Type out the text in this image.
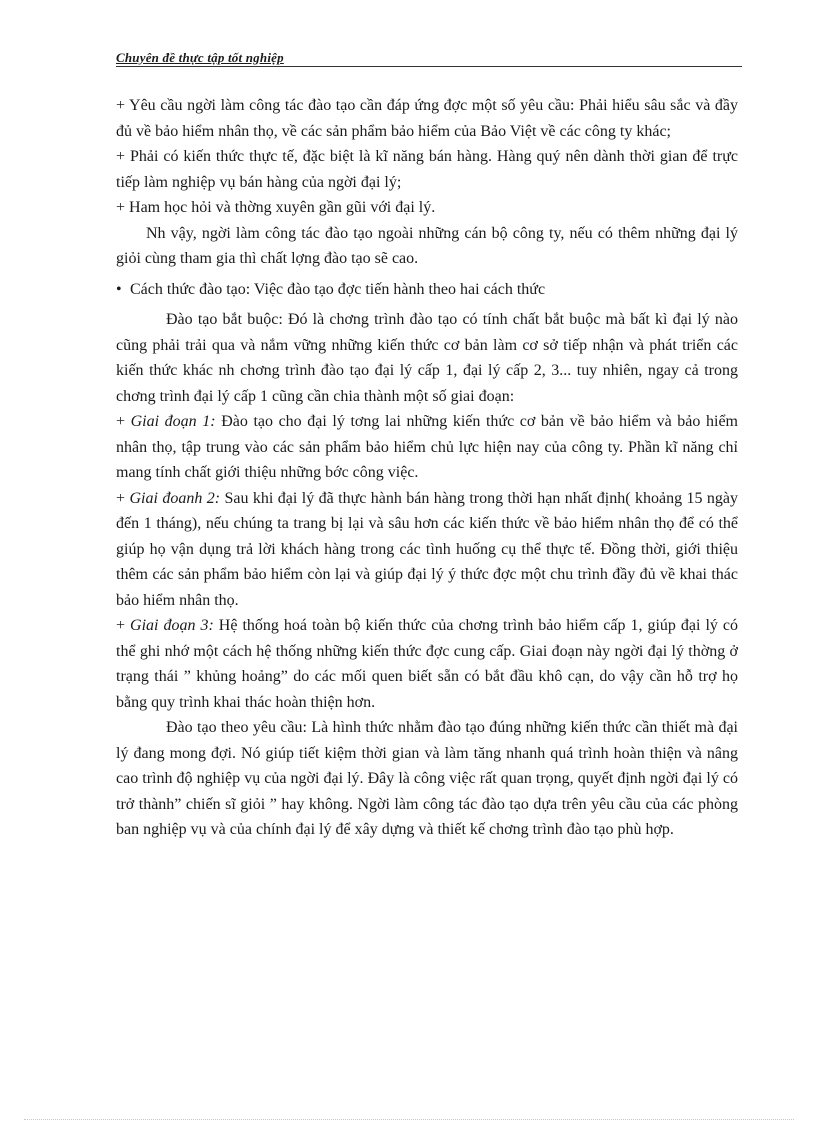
Chuyên đề thực tập tốt nghiệp

+ Yêu cầu ngời làm công tác đào tạo cần đáp ứng đợc một số yêu cầu: Phải hiểu sâu sắc và đầy đủ về bảo hiểm nhân thọ, về các sản phẩm bảo hiểm của Bảo Việt về các công ty khác;

+ Phải có kiến thức thực tế, đặc biệt là kĩ năng bán hàng. Hàng quý nên dành thời gian để trực tiếp làm nghiệp vụ bán hàng của ngời đại lý;

+ Ham học hỏi và thờng xuyên gần gũi với đại lý.

Nh vậy, ngời làm công tác đào tạo ngoài những cán bộ công ty, nếu có thêm những đại lý giỏi cùng tham gia thì chất lợng đào tạo sẽ cao.

• Cách thức đào tạo: Việc đào tạo đợc tiến hành theo hai cách thức

Đào tạo bắt buộc: Đó là chơng trình đào tạo có tính chất bắt buộc mà bất kì đại lý nào cũng phải trải qua và nắm vững những kiến thức cơ bản làm cơ sở tiếp nhận và phát triển các kiến thức khác nh chơng trình đào tạo đại lý cấp 1, đại lý cấp 2, 3... tuy nhiên, ngay cả trong chơng trình đại lý cấp 1 cũng cần chia thành một số giai đoạn:

+ Giai đoạn 1: Đào tạo cho đại lý tơng lai những kiến thức cơ bản về bảo hiểm và bảo hiểm nhân thọ, tập trung vào các sản phẩm bảo hiểm chủ lực hiện nay của công ty. Phần kĩ năng chỉ mang tính chất giới thiệu những bớc công việc.

+ Giai đoanh 2: Sau khi đại lý đã thực hành bán hàng trong thời hạn nhất định( khoảng 15 ngày đến 1 tháng), nếu chúng ta trang bị lại và sâu hơn các kiến thức về bảo hiểm nhân thọ để có thể giúp họ vận dụng trả lời khách hàng trong các tình huống cụ thể thực tế. Đồng thời, giới thiệu thêm các sản phẩm bảo hiểm còn lại và giúp đại lý ý thức đợc một chu trình đầy đủ về khai thác bảo hiểm nhân thọ.

+ Giai đoạn 3: Hệ thống hoá toàn bộ kiến thức của chơng trình bảo hiểm cấp 1, giúp đại lý có thể ghi nhớ một cách hệ thống những kiến thức đợc cung cấp. Giai đoạn này ngời đại lý thờng ở trạng thái ” khủng hoảng” do các mối quen biết sẵn có bắt đầu khô cạn, do vậy cần hỗ trợ họ bằng quy trình khai thác hoàn thiện hơn.

Đào tạo theo yêu cầu: Là hình thức nhằm đào tạo đúng những kiến thức cần thiết mà đại lý đang mong đợi. Nó giúp tiết kiệm thời gian và làm tăng nhanh quá trình hoàn thiện và nâng cao trình độ nghiệp vụ của ngời đại lý. Đây là công việc rất quan trọng, quyết định ngời đại lý có trở thành” chiến sĩ giỏi ” hay không. Ngời làm công tác đào tạo dựa trên yêu cầu của các phòng ban nghiệp vụ và của chính đại lý để xây dựng và thiết kế chơng trình đào tạo phù hợp.
